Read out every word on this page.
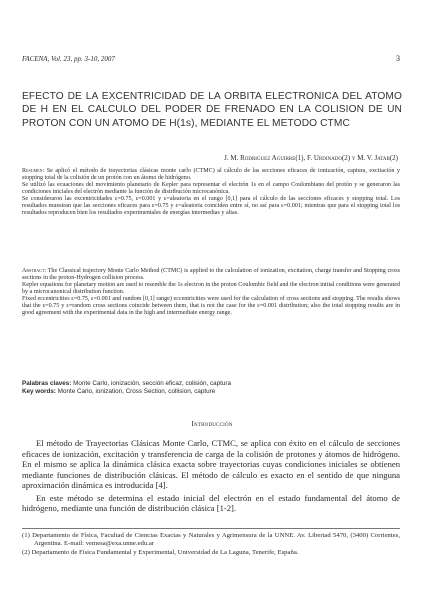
FACENA, Vol. 23, pp. 3-10, 2007	3
EFECTO DE LA EXCENTRICIDAD DE LA ORBITA ELECTRONICA DEL ATOMO DE H EN EL CALCULO DEL PODER DE FRENADO EN LA COLISION DE UN PROTON CON UN ATOMO DE H(1s), MEDIANTE EL METODO CTMC
J. M. Rodriguez Aguirre(1), F. Urdinado(2) y M. V. Jatab(2)

Resumen: Se aplicó el método de trayectorias clásicas monte carlo (CTMC) al cálculo de las secciones eficaces de ionización, captura, excitación y stopping total de la colisión de un protón con un átomo de hidrógeno.

Se utilizó las ecuaciones del movimiento planetario de Kepler para representar el electrón 1s en el campo Coulombiano del protón y se generaron las condiciones iniciales del electrón mediante la función de distribución microcanónica.

Se consideraron las excentricidades ε=0.75, ε=0.001 y ε=aleatoria en el rango [0,1] para el cálculo de las secciones eficaces y stopping total. Los resultados muestran que las secciones eficaces para ε=0.75 y ε=aleatoria coinciden entre sí, no así para ε=0.001; mientras que para el stopping total los resultados reproducen bien los resultados experimentales de energías intermedias y altas.

Abstract: The Classical trajectory Monte Carlo Method (CTMC) is applied to the calculation of ionization, excitation, charge transfer and Stopping cross sections in the proton-Hydrogen collision process.

Kepler equations for planetary motion are used to resemble the 1s electron in the proton Coulombic field and the electron initial conditions were generated by a microcanonical distribution function.

Fixed eccentricities ε=0.75, ε=0.001 and random [0,1] range) eccentricities were used for the calculation of cross sections and stopping. The results shows that the ε=0.75 y ε=random cross sections coincide between them, that is not the case for the ε=0.001 distribution; also the total stopping results are in good agreement with the experimental data in the high and intermediate energy range.

Palabras claves: Monte Carlo, ionización, sección eficaz, colisión, captura
Key words: Monte Carlo, ionization, Cross Section, collision, capture
Introducción

El método de Trayectorias Clásicas Monte Carlo, CTMC, se aplica con éxito en el cálculo de secciones eficaces de ionización, excitación y transferencia de carga de la colisión de protones y átomos de hidrógeno. En el mismo se aplica la dinámica clásica exacta sobre trayectorias cuyas condiciones iniciales se obtienen mediante funciones de distribución clásicas. El método de cálculo es exacto en el sentido de que ninguna aproximación dinámica es introducida [4].

En este método se determina el estado inicial del electrón en el estado fundamental del átomo de hidrógeno, mediante una función de distribución clásica [1-2].

(1) Departamento de Física, Facultad de Ciencias Exactas y Naturales y Agrimensura de la UNNE. Av. Libertad 5470, (3400) Corrientes, Argentina. E-mail: vemesa@exa.unne.edu.ar

(2) Departamento de Física Fundamental y Experimental, Universidad de La Laguna, Tenerife, España.
